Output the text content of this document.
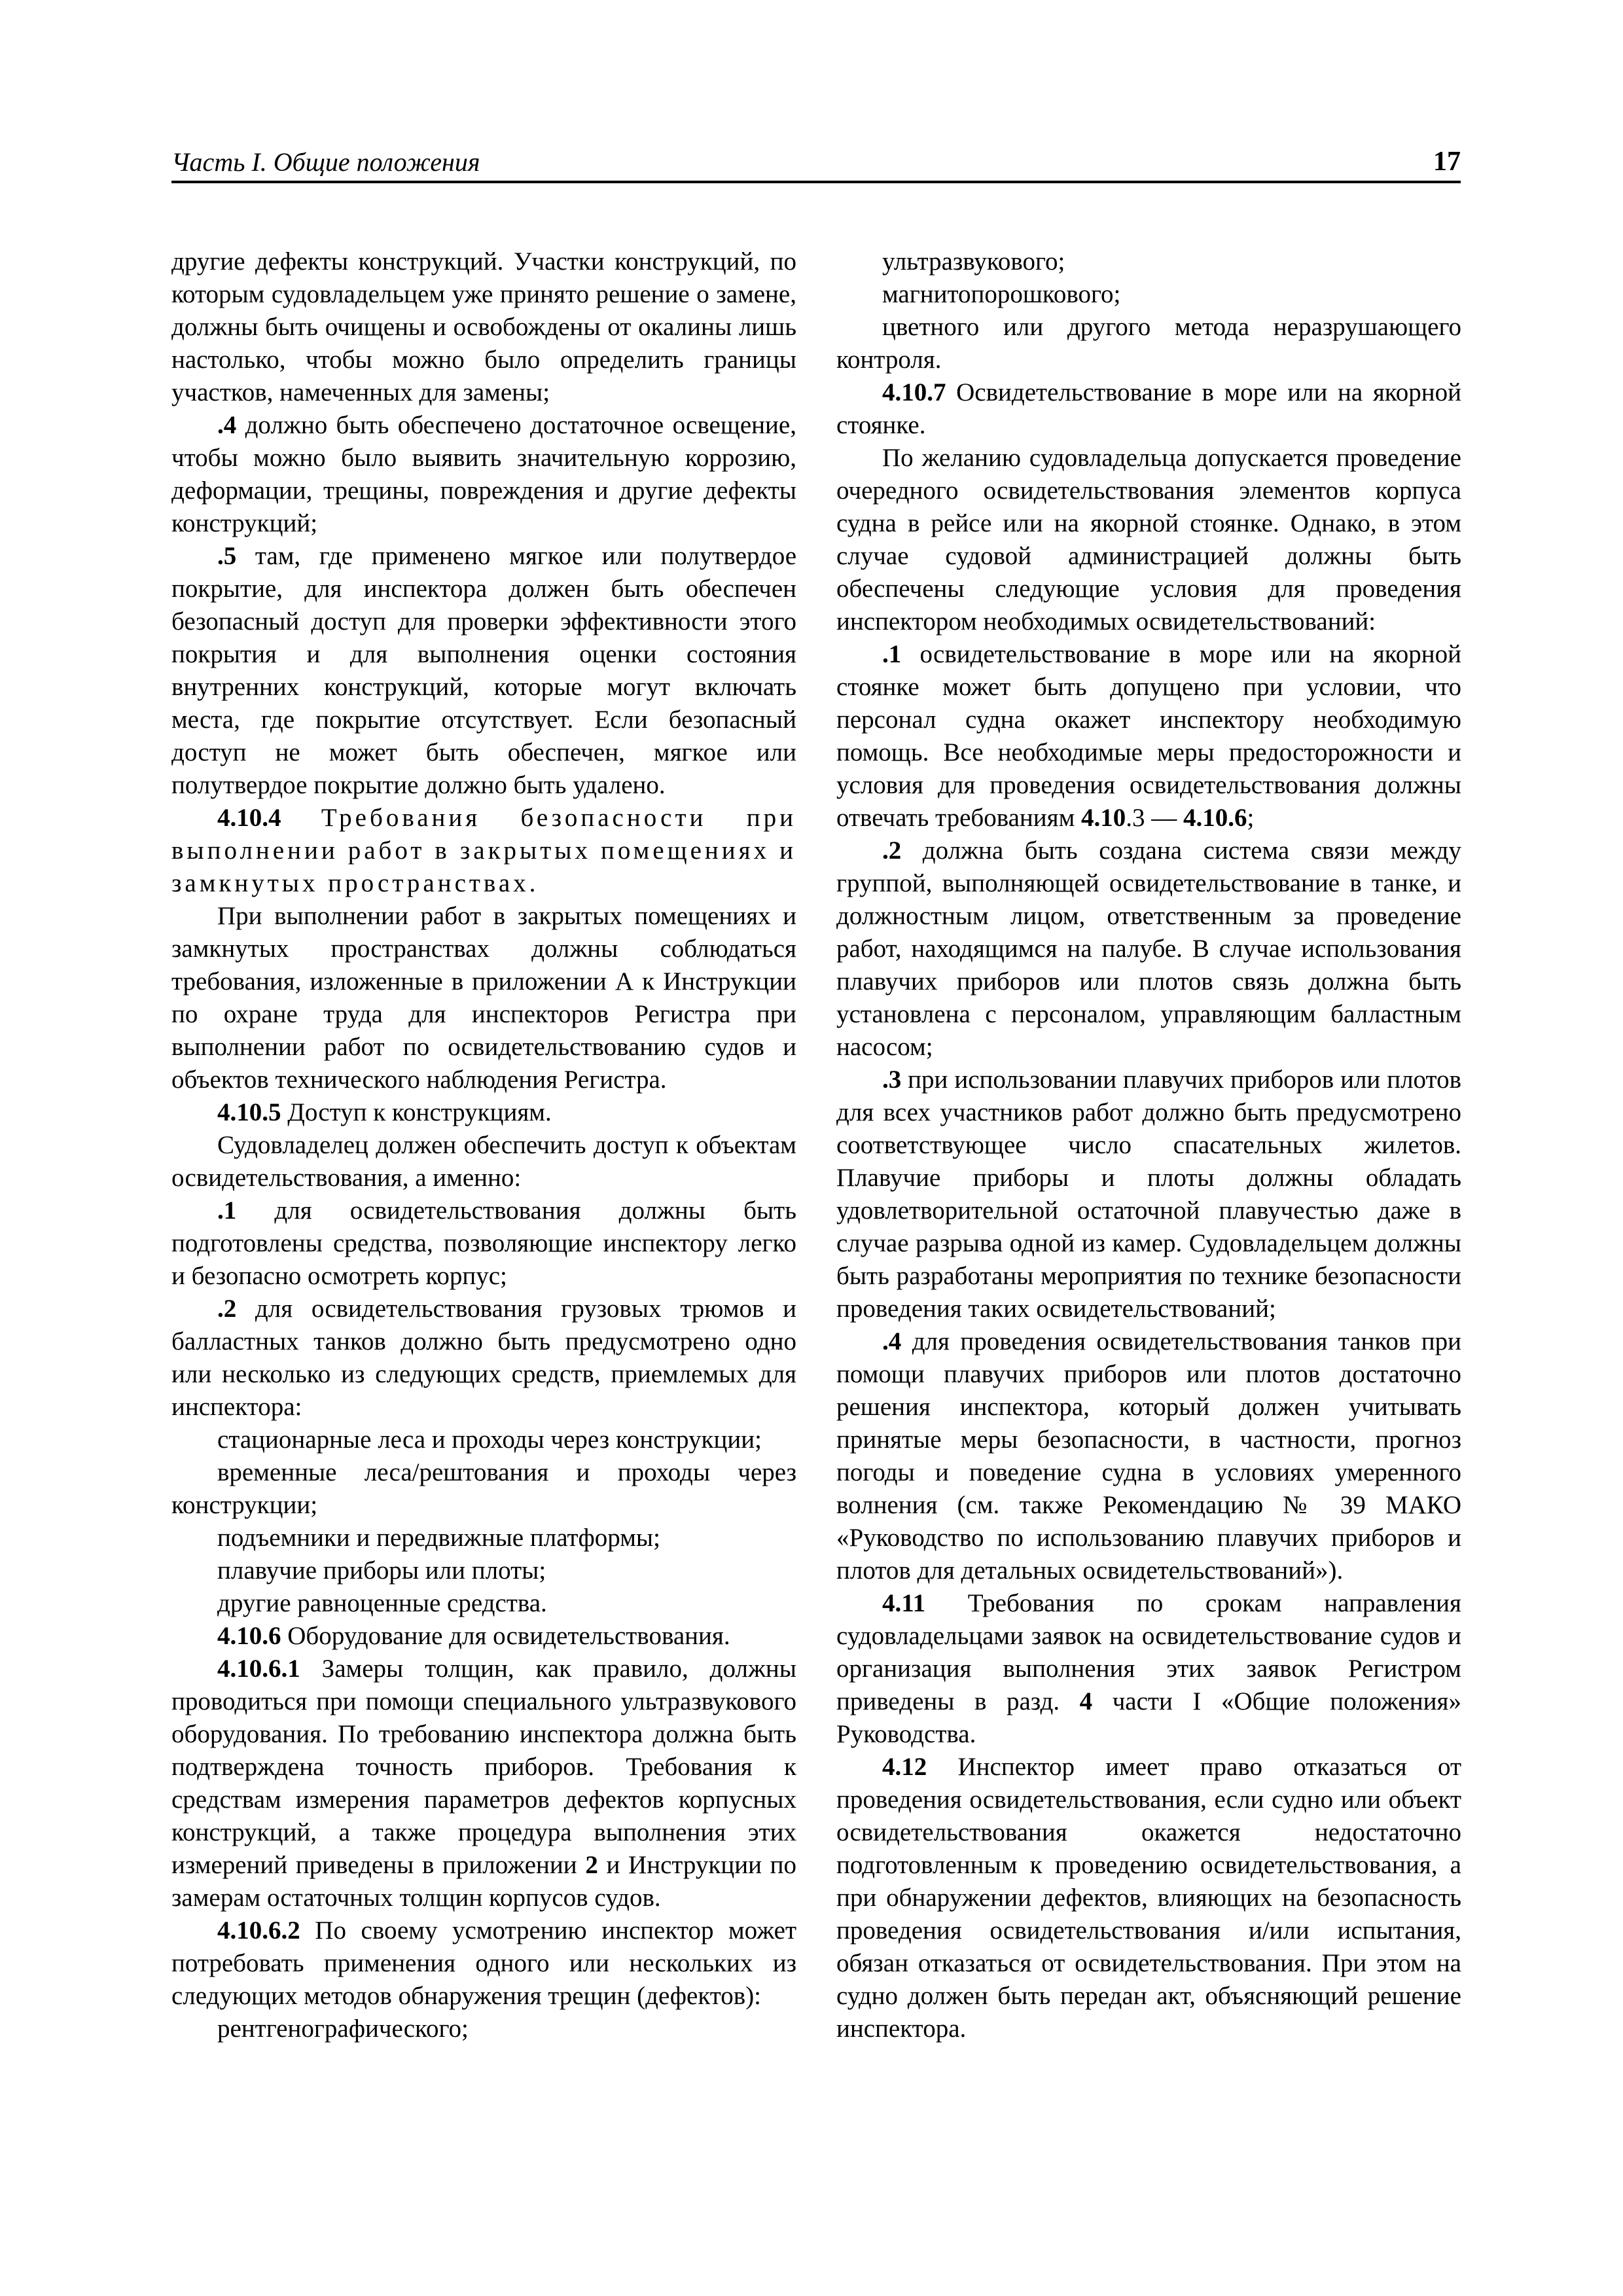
Часть I. Общие положения	17

другие дефекты конструкций. Участки конструкций, по которым судовладельцем уже принято решение о замене, должны быть очищены и освобождены от окалины лишь настолько, чтобы можно было определить границы участков, намеченных для замены;

.4 должно быть обеспечено достаточное освещение, чтобы можно было выявить значительную коррозию, деформации, трещины, повреждения и другие дефекты конструкций;

.5 там, где применено мягкое или полутвердое покрытие, для инспектора должен быть обеспечен безопасный доступ для проверки эффективности этого покрытия и для выполнения оценки состояния внутренних конструкций, которые могут включать места, где покрытие отсутствует. Если безопасный доступ не может быть обеспечен, мягкое или полутвердое покрытие должно быть удалено.

4.10.4 Требования безопасности при выполнении работ в закрытых помещениях и замкнутых пространствах.

При выполнении работ в закрытых помещениях и замкнутых пространствах должны соблюдаться требования, изложенные в приложении А к Инструкции по охране труда для инспекторов Регистра при выполнении работ по освидетельствованию судов и объектов технического наблюдения Регистра.

4.10.5 Доступ к конструкциям.

Судовладелец должен обеспечить доступ к объектам освидетельствования, а именно:

.1 для освидетельствования должны быть подготовлены средства, позволяющие инспектору легко и безопасно осмотреть корпус;

.2 для освидетельствования грузовых трюмов и балластных танков должно быть предусмотрено одно или несколько из следующих средств, приемлемых для инспектора:

стационарные леса и проходы через конструкции;

временные леса/рештования и проходы через конструкции;

подъемники и передвижные платформы;

плавучие приборы или плоты;

другие равноценные средства.

4.10.6 Оборудование для освидетельствования.

4.10.6.1 Замеры толщин, как правило, должны проводиться при помощи специального ультразвукового оборудования. По требованию инспектора должна быть подтверждена точность приборов. Требования к средствам измерения параметров дефектов корпусных конструкций, а также процедура выполнения этих измерений приведены в приложении 2 и Инструкции по замерам остаточных толщин корпусов судов.

4.10.6.2 По своему усмотрению инспектор может потребовать применения одного или нескольких из следующих методов обнаружения трещин (дефектов):

рентгенографического;

ультразвукового;

магнитопорошкового;

цветного или другого метода неразрушающего контроля.

4.10.7 Освидетельствование в море или на якорной стоянке.

По желанию судовладельца допускается проведение очередного освидетельствования элементов корпуса судна в рейсе или на якорной стоянке. Однако, в этом случае судовой администрацией должны быть обеспечены следующие условия для проведения инспектором необходимых освидетельствований:

.1 освидетельствование в море или на якорной стоянке может быть допущено при условии, что персонал судна окажет инспектору необходимую помощь. Все необходимые меры предосторожности и условия для проведения освидетельствования должны отвечать требованиям 4.10.3 — 4.10.6;

.2 должна быть создана система связи между группой, выполняющей освидетельствование в танке, и должностным лицом, ответственным за проведение работ, находящимся на палубе. В случае использования плавучих приборов или плотов связь должна быть установлена с персоналом, управляющим балластным насосом;

.3 при использовании плавучих приборов или плотов для всех участников работ должно быть предусмотрено соответствующее число спасательных жилетов. Плавучие приборы и плоты должны обладать удовлетворительной остаточной плавучестью даже в случае разрыва одной из камер. Судовладельцем должны быть разработаны мероприятия по технике безопасности проведения таких освидетельствований;

.4 для проведения освидетельствования танков при помощи плавучих приборов или плотов достаточно решения инспектора, который должен учитывать принятые меры безопасности, в частности, прогноз погоды и поведение судна в условиях умеренного волнения (см. также Рекомендацию № 39 МАКО «Руководство по использованию плавучих приборов и плотов для детальных освидетельствований»).

4.11 Требования по срокам направления судовладельцами заявок на освидетельствование судов и организация выполнения этих заявок Регистром приведены в разд. 4 части I «Общие положения» Руководства.

4.12 Инспектор имеет право отказаться от проведения освидетельствования, если судно или объект освидетельствования окажется недостаточно подготовленным к проведению освидетельствования, а при обнаружении дефектов, влияющих на безопасность проведения освидетельствования и/или испытания, обязан отказаться от освидетельствования. При этом на судно должен быть передан акт, объясняющий решение инспектора.
